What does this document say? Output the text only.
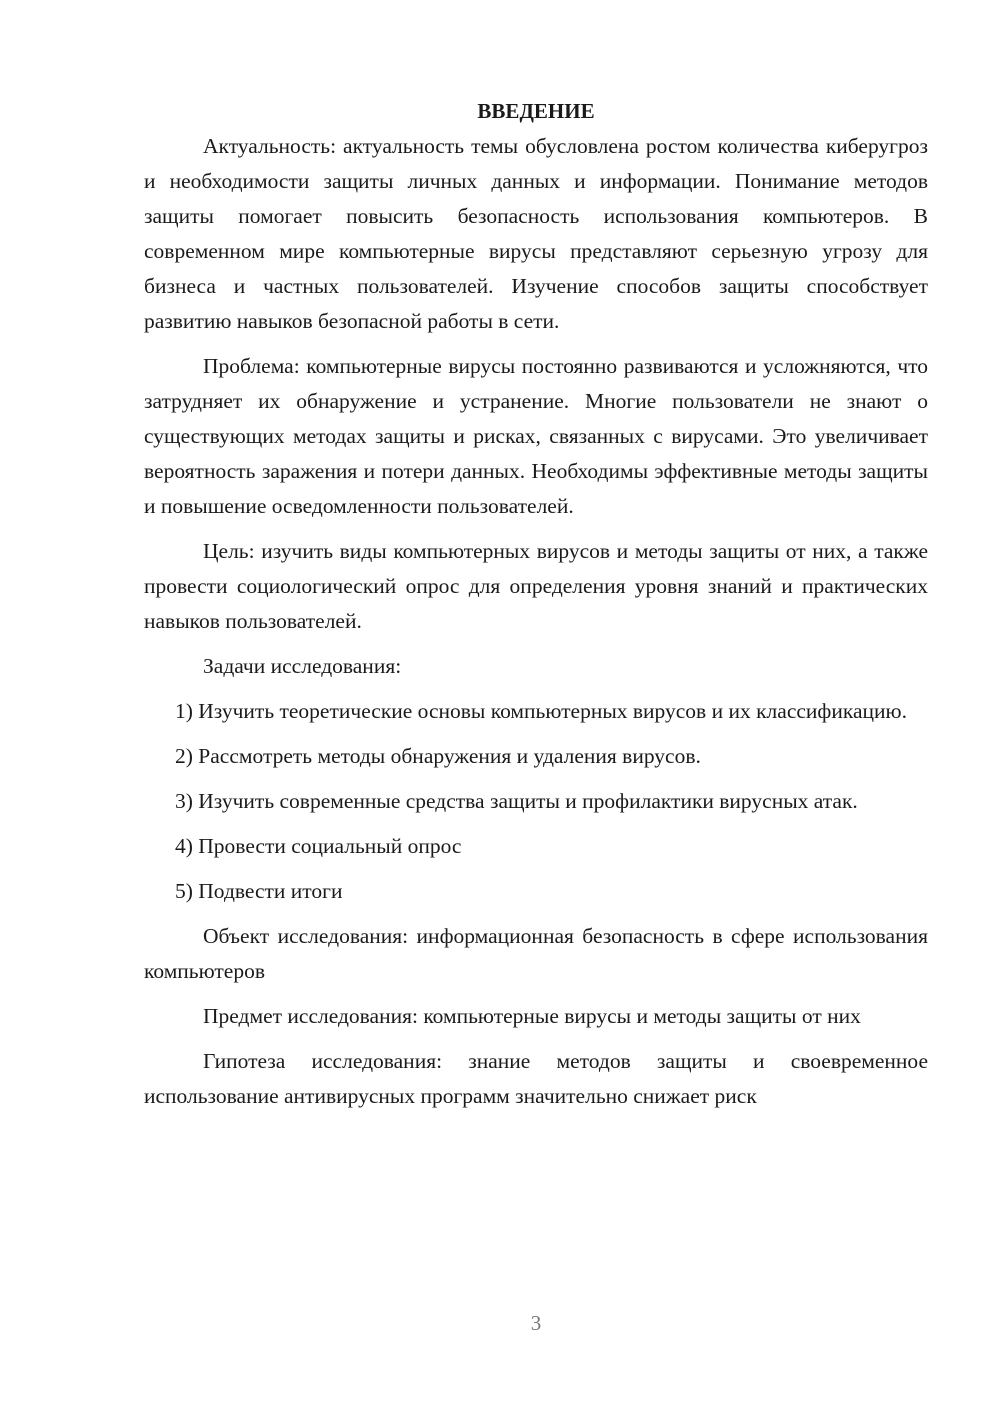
ВВЕДЕНИЕ

Актуальность: актуальность темы обусловлена ростом количества киберугроз и необходимости защиты личных данных и информации. Понимание методов защиты помогает повысить безопасность использования компьютеров. В современном мире компьютерные вирусы представляют серьезную угрозу для бизнеса и частных пользователей. Изучение способов защиты способствует развитию навыков безопасной работы в сети.

Проблема: компьютерные вирусы постоянно развиваются и усложняются, что затрудняет их обнаружение и устранение. Многие пользователи не знают о существующих методах защиты и рисках, связанных с вирусами. Это увеличивает вероятность заражения и потери данных. Необходимы эффективные методы защиты и повышение осведомленности пользователей.

Цель: изучить виды компьютерных вирусов и методы защиты от них, а также провести социологический опрос для определения уровня знаний и практических навыков пользователей.

Задачи исследования:

1) Изучить теоретические основы компьютерных вирусов и их классификацию.

2) Рассмотреть методы обнаружения и удаления вирусов.

3) Изучить современные средства защиты и профилактики вирусных атак.

4) Провести социальный опрос

5) Подвести итоги

Объект исследования: информационная безопасность в сфере использования компьютеров

Предмет исследования: компьютерные вирусы и методы защиты от них

Гипотеза исследования: знание методов защиты и своевременное использование антивирусных программ значительно снижает риск

3
